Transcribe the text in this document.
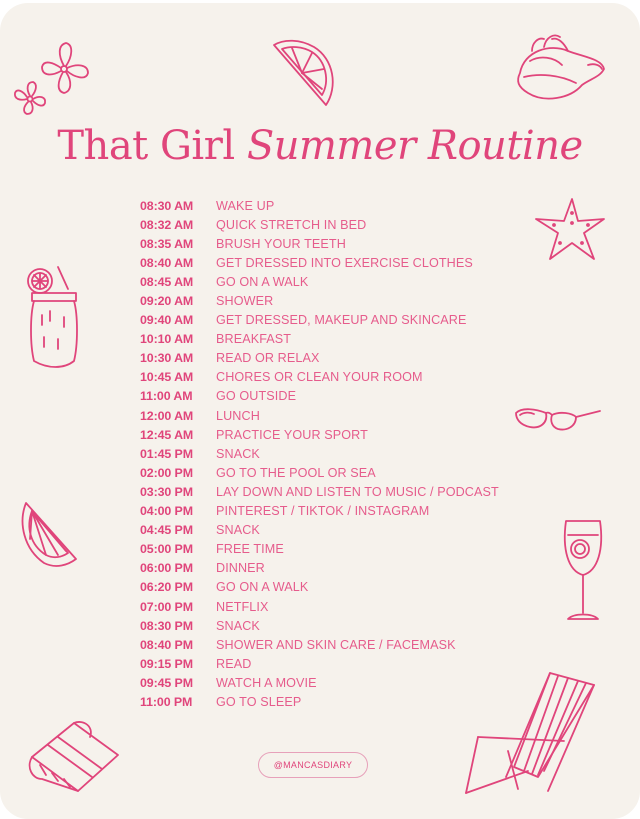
That Girl Summer Routine
08:30 AM	WAKE UP
08:32 AM	QUICK STRETCH IN BED
08:35 AM	BRUSH YOUR TEETH
08:40 AM	GET DRESSED INTO EXERCISE CLOTHES
08:45 AM	GO ON A WALK
09:20 AM	SHOWER
09:40 AM	GET DRESSED, MAKEUP AND SKINCARE
10:10 AM	BREAKFAST
10:30 AM	READ OR RELAX
10:45 AM	CHORES OR CLEAN YOUR ROOM
11:00 AM	GO OUTSIDE
12:00 AM	LUNCH
12:45 AM	PRACTICE YOUR SPORT
01:45 PM	SNACK
02:00 PM	GO TO THE POOL OR SEA
03:30 PM	LAY DOWN AND LISTEN TO MUSIC / PODCAST
04:00 PM	PINTEREST / TIKTOK / INSTAGRAM
04:45 PM	SNACK
05:00 PM	FREE TIME
06:00 PM	DINNER
06:20 PM	GO ON A WALK
07:00 PM	NETFLIX
08:30 PM	SNACK
08:40 PM	SHOWER AND SKIN CARE / FACEMASK
09:15 PM	READ
09:45 PM	WATCH A MOVIE
11:00 PM	GO TO SLEEP
@MANCASDIARY
